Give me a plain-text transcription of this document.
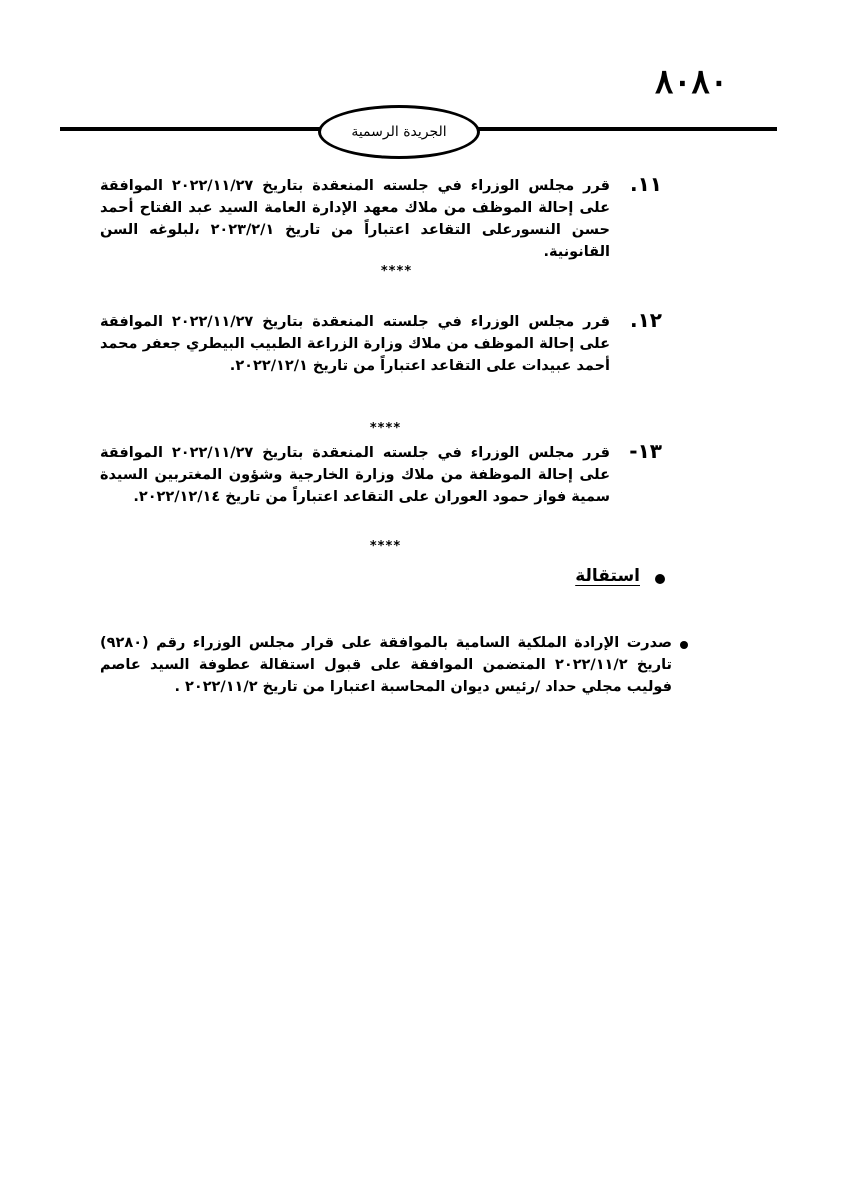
٨٠٨٠
الجريدة الرسمية
١١.
قرر مجلس الوزراء في جلسته المنعقدة بتاريخ ٢٠٢٢/١١/٢٧ الموافقة على إحالة الموظف من ملاك معهد الإدارة العامة السيد عبد الفتاح أحمد حسن النسورعلى التقاعد اعتباراً من تاريخ ٢٠٢٣/٢/١ ،لبلوغه السن القانونية.
****
١٢.
قرر مجلس الوزراء في جلسته المنعقدة بتاريخ ٢٠٢٢/١١/٢٧ الموافقة على إحالة الموظف من ملاك وزارة الزراعة الطبيب البيطري جعفر محمد أحمد عبيدات على التقاعد اعتباراً من تاريخ ٢٠٢٢/١٢/١.
****
١٣-
قرر مجلس الوزراء في جلسته المنعقدة بتاريخ ٢٠٢٢/١١/٢٧ الموافقة على إحالة الموظفة من ملاك وزارة الخارجية وشؤون المغتربين السيدة سمية فواز حمود العوران على التقاعد اعتباراً من تاريخ ٢٠٢٢/١٢/١٤.
****
استقالة
صدرت الإرادة الملكية السامية بالموافقة على قرار مجلس الوزراء رقم (٩٢٨٠) تاريخ ٢٠٢٢/١١/٢ المتضمن الموافقة على قبول استقالة عطوفة السيد عاصم فوليب مجلي حداد /رئيس ديوان المحاسبة اعتبارا من تاريخ ٢٠٢٢/١١/٢ .
